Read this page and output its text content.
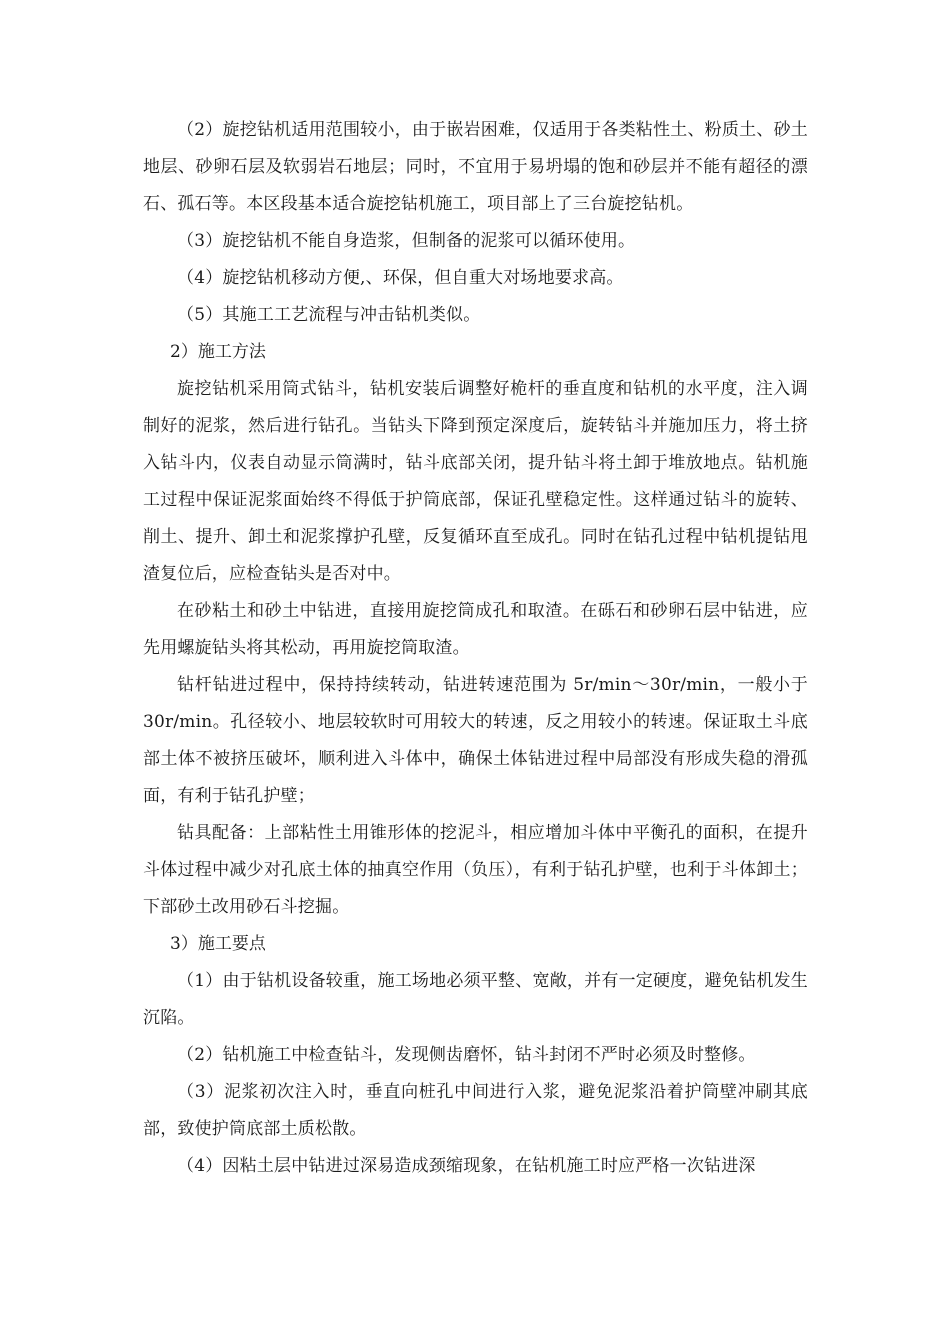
（2）旋挖钻机适用范围较小，由于嵌岩困难，仅适用于各类粘性土、粉质土、砂土地层、砂卵石层及软弱岩石地层；同时，不宜用于易坍塌的饱和砂层并不能有超径的漂石、孤石等。本区段基本适合旋挖钻机施工，项目部上了三台旋挖钻机。

（3）旋挖钻机不能自身造浆，但制备的泥浆可以循环使用。

（4）旋挖钻机移动方便,、环保，但自重大对场地要求高。

（5）其施工工艺流程与冲击钻机类似。

2）施工方法

旋挖钻机采用筒式钻斗，钻机安装后调整好桅杆的垂直度和钻机的水平度，注入调制好的泥浆，然后进行钻孔。当钻头下降到预定深度后，旋转钻斗并施加压力，将土挤入钻斗内，仪表自动显示筒满时，钻斗底部关闭，提升钻斗将土卸于堆放地点。钻机施工过程中保证泥浆面始终不得低于护筒底部，保证孔壁稳定性。这样通过钻斗的旋转、削土、提升、卸土和泥浆撑护孔壁，反复循环直至成孔。同时在钻孔过程中钻机提钻甩渣复位后，应检查钻头是否对中。

在砂粘土和砂土中钻进，直接用旋挖筒成孔和取渣。在砾石和砂卵石层中钻进，应先用螺旋钻头将其松动，再用旋挖筒取渣。

钻杆钻进过程中，保持持续转动，钻进转速范围为 5r/min～30r/min，一般小于 30r/min。孔径较小、地层较软时可用较大的转速，反之用较小的转速。保证取土斗底部土体不被挤压破坏，顺利进入斗体中，确保土体钻进过程中局部没有形成失稳的滑孤面，有利于钻孔护壁；

钻具配备：上部粘性土用锥形体的挖泥斗，相应增加斗体中平衡孔的面积，在提升斗体过程中减少对孔底土体的抽真空作用（负压），有利于钻孔护壁，也利于斗体卸土；下部砂土改用砂石斗挖掘。

3）施工要点

（1）由于钻机设备较重，施工场地必须平整、宽敞，并有一定硬度，避免钻机发生沉陷。

（2）钻机施工中检查钻斗，发现侧齿磨怀，钻斗封闭不严时必须及时整修。

（3）泥浆初次注入时，垂直向桩孔中间进行入浆，避免泥浆沿着护筒壁冲刷其底部，致使护筒底部土质松散。

（4）因粘土层中钻进过深易造成颈缩现象，在钻机施工时应严格一次钻进深
